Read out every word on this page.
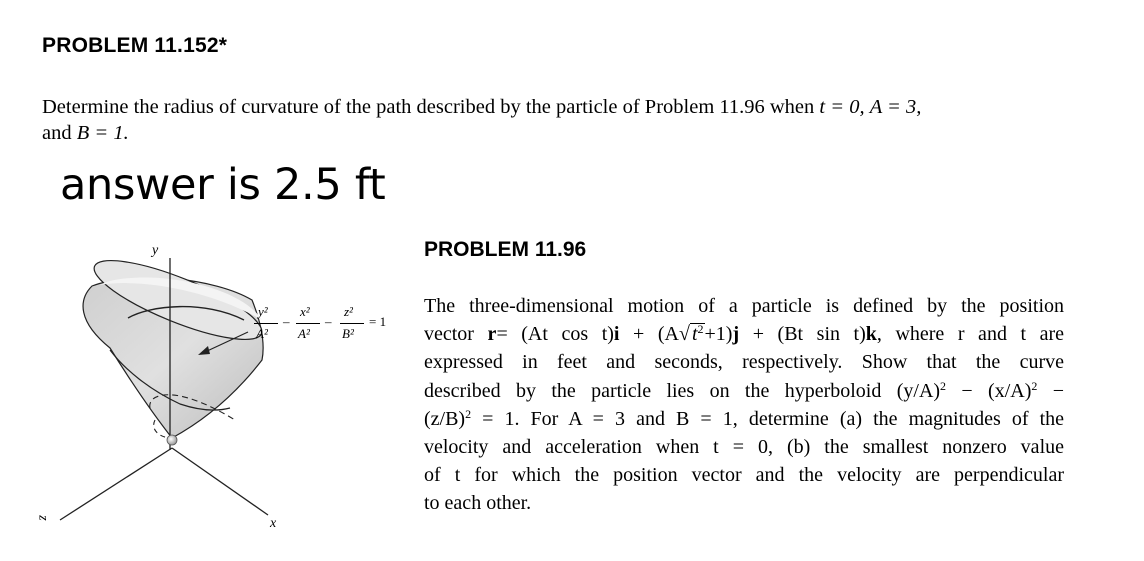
PROBLEM 11.152*
Determine the radius of curvature of the path described by the particle of Problem 11.96 when t = 0, A = 3,
and B = 1.
answer is 2.5 ft
y
z	x
y²
A²
–
x²
A²
–
z²
B²
= 1
PROBLEM 11.96
The three-dimensional motion of a particle is defined by the position
vector r= (At cos t)i + (A√ $t^2+1)j + (Bt$ sin t)k, where r and t are
expressed in feet and seconds, respectively. Show that the curve
described by the particle lies on the hyperboloid $(y/A)^2 - (x/A)^2$ −
$(z/B)^2 = 1$. For A = 3 and B = 1, determine (a) the magnitudes of the
velocity and acceleration when t = 0, (b) the smallest nonzero value
of t for which the position vector and the velocity are perpendicular
to each other.
